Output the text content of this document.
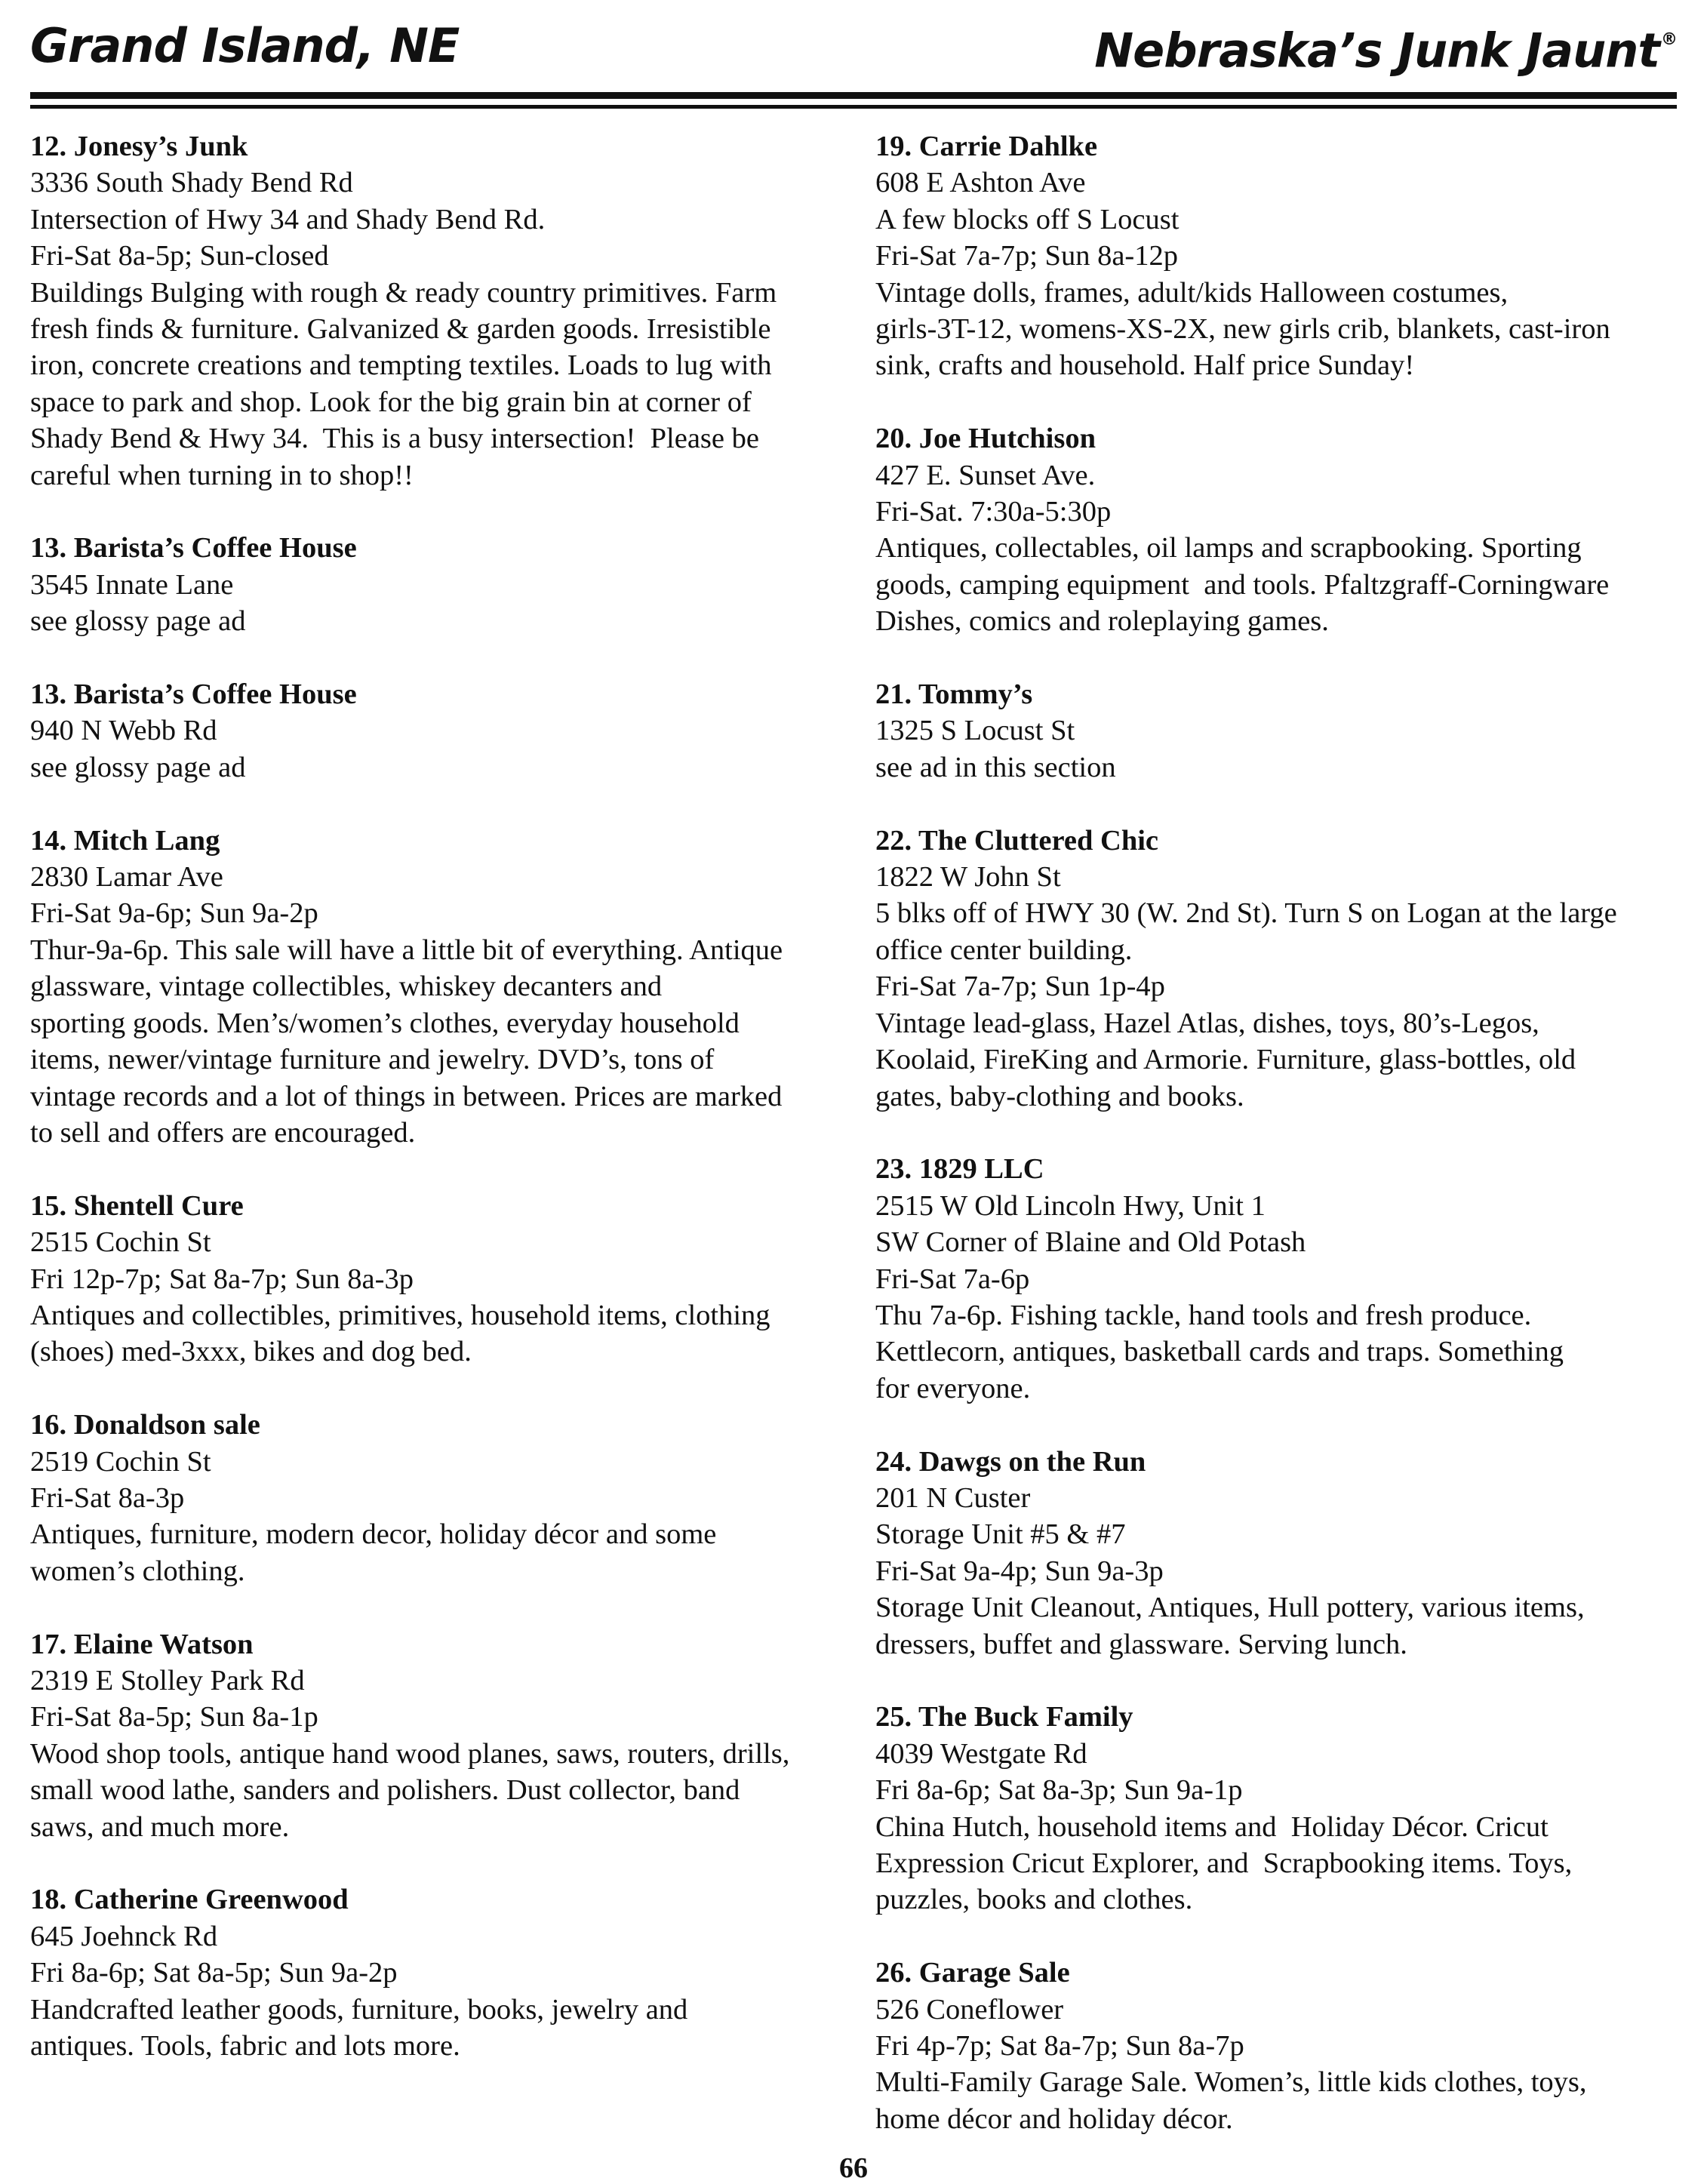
Grand Island, NE	Nebraska’s Junk Jaunt®
12. Jonesy’s Junk
3336 South Shady Bend Rd
Intersection of Hwy 34 and Shady Bend Rd.
Fri-Sat 8a-5p; Sun-closed
Buildings Bulging with rough & ready country primitives. Farm
fresh finds & furniture. Galvanized & garden goods. Irresistible
iron, concrete creations and tempting textiles. Loads to lug with
space to park and shop. Look for the big grain bin at corner of
Shady Bend & Hwy 34.  This is a busy intersection!  Please be
careful when turning in to shop!!
13. Barista’s Coffee House
3545 Innate Lane
see glossy page ad
13. Barista’s Coffee House
940 N Webb Rd
see glossy page ad
14. Mitch Lang
2830 Lamar Ave
Fri-Sat 9a-6p; Sun 9a-2p
Thur-9a-6p. This sale will have a little bit of everything. Antique
glassware, vintage collectibles, whiskey decanters and
sporting goods. Men’s/women’s clothes, everyday household
items, newer/vintage furniture and jewelry. DVD’s, tons of
vintage records and a lot of things in between. Prices are marked
to sell and offers are encouraged.
15. Shentell Cure
2515 Cochin St
Fri 12p-7p; Sat 8a-7p; Sun 8a-3p
Antiques and collectibles, primitives, household items, clothing
(shoes) med-3xxx, bikes and dog bed.
16. Donaldson sale
2519 Cochin St
Fri-Sat 8a-3p
Antiques, furniture, modern decor, holiday décor and some
women’s clothing.
17. Elaine Watson
2319 E Stolley Park Rd
Fri-Sat 8a-5p; Sun 8a-1p
Wood shop tools, antique hand wood planes, saws, routers, drills,
small wood lathe, sanders and polishers. Dust collector, band
saws, and much more.
18. Catherine Greenwood
645 Joehnck Rd
Fri 8a-6p; Sat 8a-5p; Sun 9a-2p
Handcrafted leather goods, furniture, books, jewelry and
antiques. Tools, fabric and lots more.
19. Carrie Dahlke
608 E Ashton Ave
A few blocks off S Locust
Fri-Sat 7a-7p; Sun 8a-12p
Vintage dolls, frames, adult/kids Halloween costumes,
girls-3T-12, womens-XS-2X, new girls crib, blankets, cast-iron
sink, crafts and household. Half price Sunday!
20. Joe Hutchison
427 E. Sunset Ave.
Fri-Sat. 7:30a-5:30p
Antiques, collectables, oil lamps and scrapbooking. Sporting
goods, camping equipment  and tools. Pfaltzgraff-Corningware
Dishes, comics and roleplaying games.
21. Tommy’s
1325 S Locust St
see ad in this section
22. The Cluttered Chic
1822 W John St
5 blks off of HWY 30 (W. 2nd St). Turn S on Logan at the large
office center building.
Fri-Sat 7a-7p; Sun 1p-4p
Vintage lead-glass, Hazel Atlas, dishes, toys, 80’s-Legos,
Koolaid, FireKing and Armorie. Furniture, glass-bottles, old
gates, baby-clothing and books.
23. 1829 LLC
2515 W Old Lincoln Hwy, Unit 1
SW Corner of Blaine and Old Potash
Fri-Sat 7a-6p
Thu 7a-6p. Fishing tackle, hand tools and fresh produce.
Kettlecorn, antiques, basketball cards and traps. Something
for everyone.
24. Dawgs on the Run
201 N Custer
Storage Unit #5 & #7
Fri-Sat 9a-4p; Sun 9a-3p
Storage Unit Cleanout, Antiques, Hull pottery, various items,
dressers, buffet and glassware. Serving lunch.
25. The Buck Family
4039 Westgate Rd
Fri 8a-6p; Sat 8a-3p; Sun 9a-1p
China Hutch, household items and  Holiday Décor. Cricut
Expression Cricut Explorer, and  Scrapbooking items. Toys,
puzzles, books and clothes.
26. Garage Sale
526 Coneflower
Fri 4p-7p; Sat 8a-7p; Sun 8a-7p
Multi-Family Garage Sale. Women’s, little kids clothes, toys,
home décor and holiday décor.
66
